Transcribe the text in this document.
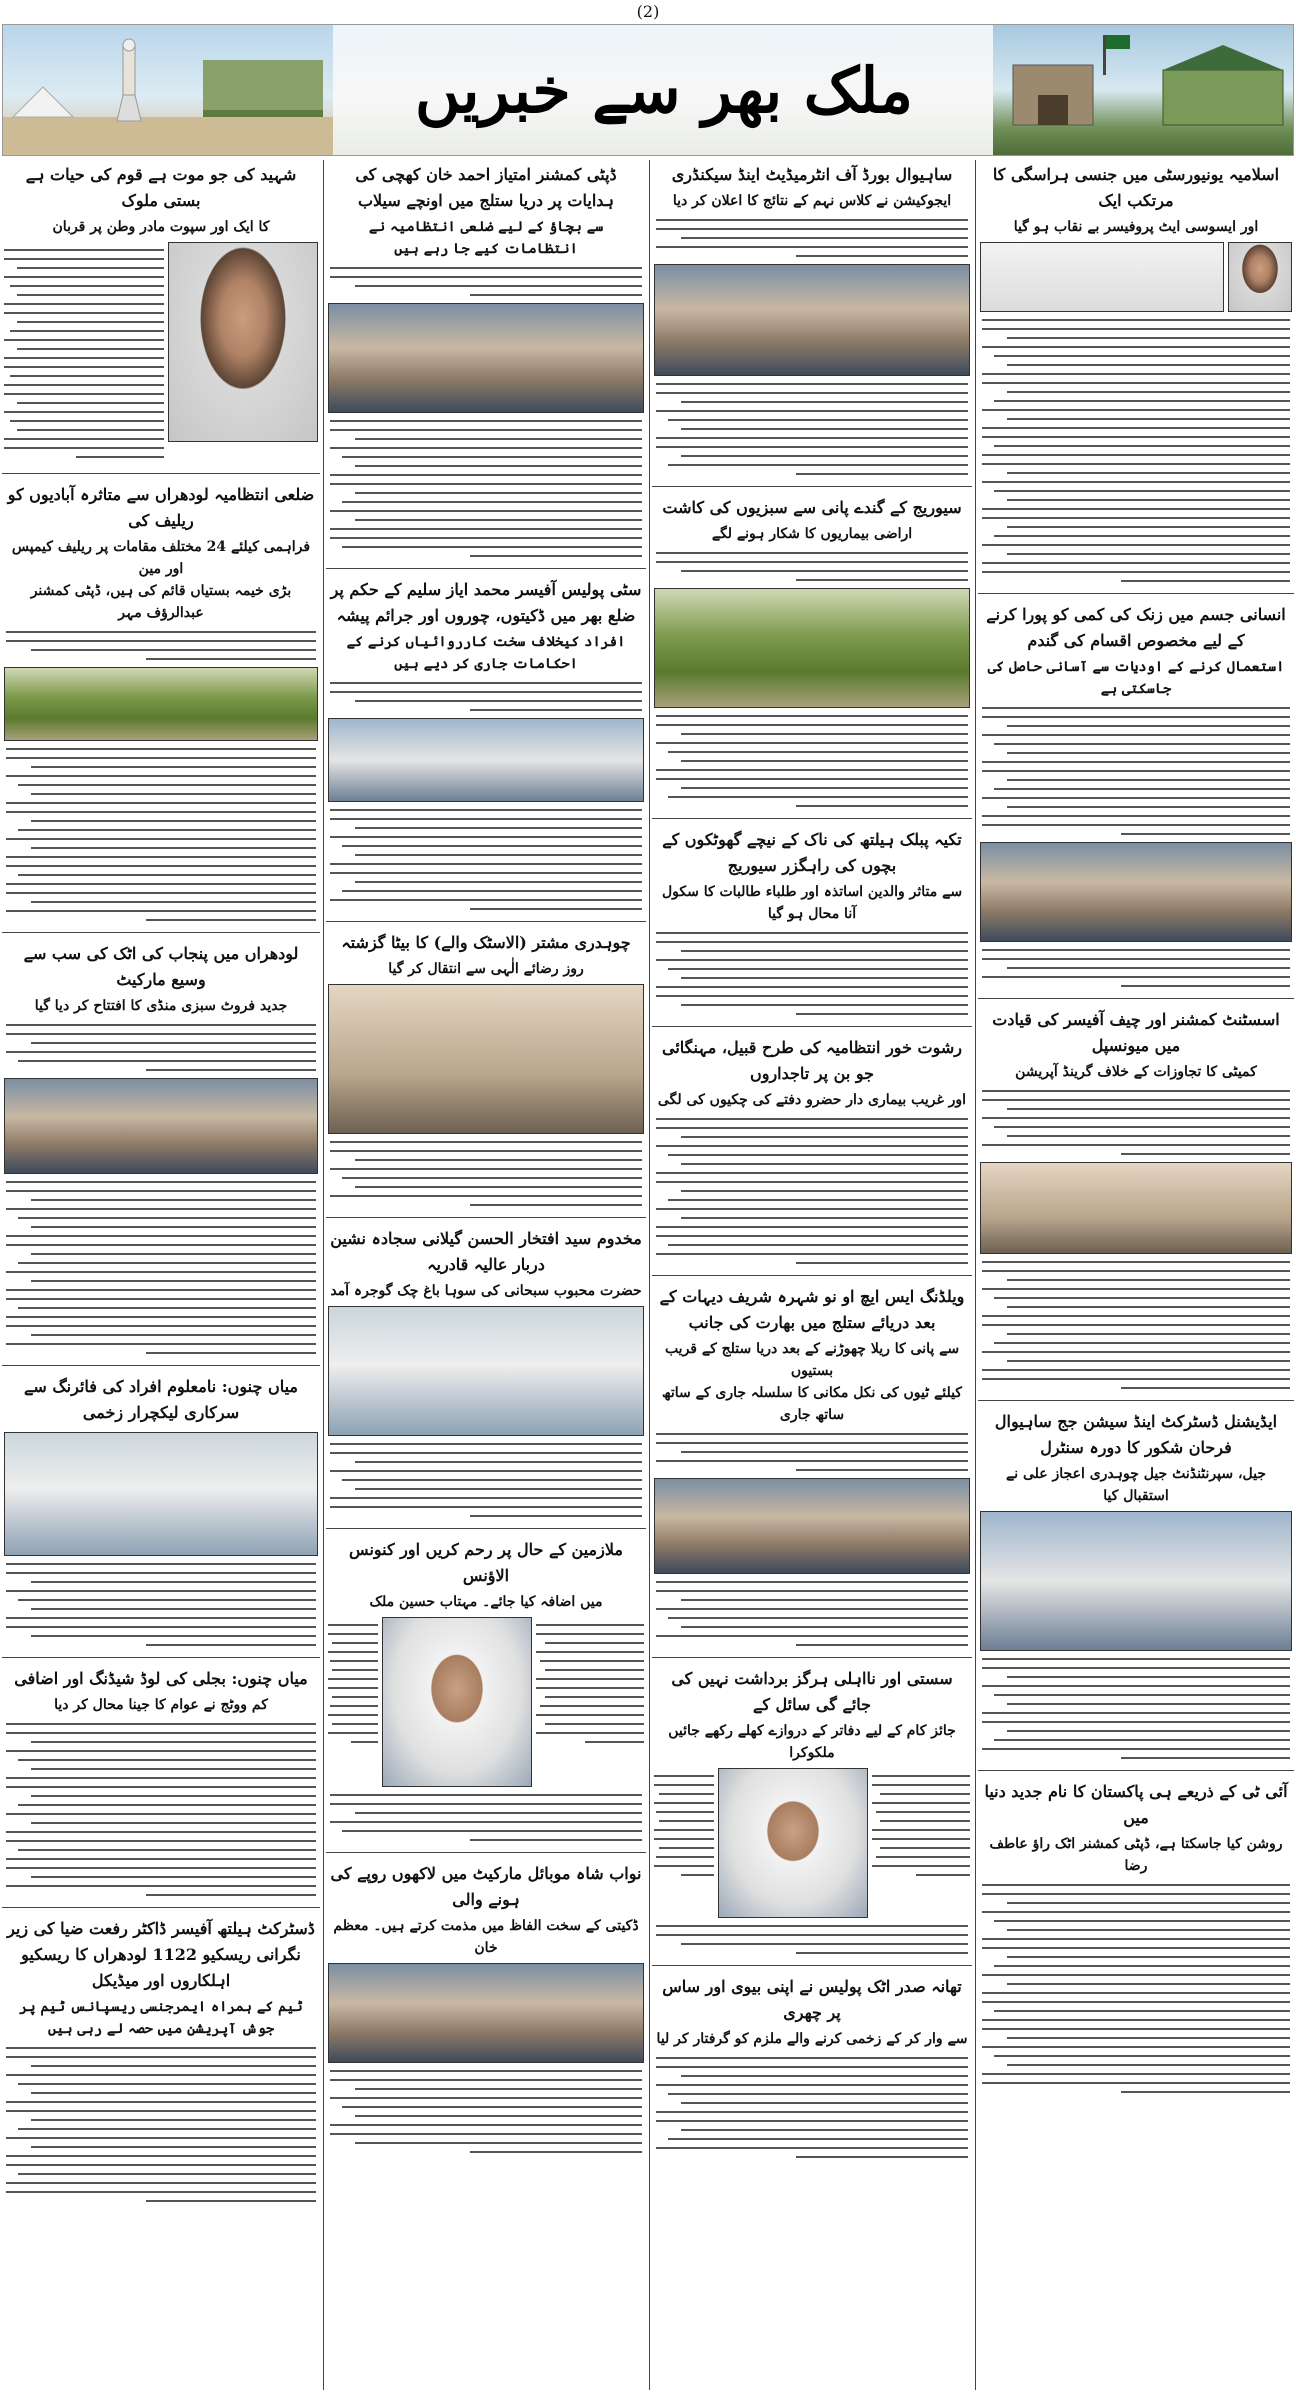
(2)
ملک بھر سے خبریں
اسلامیہ یونیورسٹی میں جنسی ہراسگی کا مرتکب ایک
اور ایسوسی ایٹ پروفیسر بے نقاب ہو گیا
انسانی جسم میں زنک کی کمی کو پورا کرنے کے لیے مخصوص اقسام کی گندم
استعمال کرنے کے اودیات سے آسانی حاصل کی جاسکتی ہے
اسسٹنٹ کمشنر اور چیف آفیسر کی قیادت میں میونسپل
کمیٹی کا تجاوزات کے خلاف گرینڈ آپریشن
ایڈیشنل ڈسٹرکٹ اینڈ سیشن جج ساہیوال فرحان شکور کا دورہ سنٹرل
جیل، سپرنٹنڈنٹ جیل چوہدری اعجاز علی نے استقبال کیا
آئی ٹی کے ذریعے ہی پاکستان کا نام جدید دنیا میں
روشن کیا جاسکتا ہے، ڈپٹی کمشنر اٹک راؤ عاطف رضا
ساہیوال بورڈ آف انٹرمیڈیٹ اینڈ سیکنڈری
ایجوکیشن نے کلاس نہم کے نتائج کا اعلان کر دیا
سیوریج کے گندے پانی سے سبزیوں کی کاشت
اراضی بیماریوں کا شکار ہونے لگے
تکیہ پبلک ہیلتھ کی ناک کے نیچے گھوٹکوں کے بچوں کی راہگزر سیوریج
سے متاثر والدین اساتذہ اور طلباء طالبات کا سکول آنا محال ہو گیا
رشوت خور انتظامیہ کی طرح قبیل، مہنگائی جو بن پر تاجداروں
اور غریب بیماری دار حضرو دفتے کی چکیوں کی لگی
ویلڈنگ ایس ایچ او نو شہرہ شریف دیہات کے بعد دریائے ستلج میں بھارت کی جانب
سے پانی کا ریلا چھوڑنے کے بعد دریا ستلج کے قریب بستیوں
کیلئے ٹیوں کی نکل مکانی کا سلسلہ جاری کے ساتھ ساتھ جاری
سستی اور نااہلی ہرگز برداشت نہیں کی جائے گی سائل کے
جائز کام کے لیے دفاتر کے دروازے کھلے رکھے جائیں ملکوکرا
تھانہ صدر اٹک پولیس نے اپنی بیوی اور ساس پر چھری
سے وار کر کے زخمی کرنے والے ملزم کو گرفتار کر لیا
ڈپٹی کمشنر امتیاز احمد خان کھچی کی ہدایات پر دریا ستلج میں اونچے سیلاب
سے بچاؤ کے لیے ضلعی انتظامیہ نے انتظامات کیے جا رہے ہیں
سٹی پولیس آفیسر محمد ایاز سلیم کے حکم پر ضلع بھر میں ڈکیتوں، چوروں اور جرائم پیشہ
افراد کیخلاف سخت کارروائیاں کرنے کے احکامات جاری کر دیے ہیں
چوہدری مشتر (الاسٹک والے) کا بیٹا گزشتہ
روز رضائے الٰہی سے انتقال کر گیا
مخدوم سید افتخار الحسن گیلانی سجادہ نشین دربار عالیہ قادریہ
حضرت محبوب سبحانی کی سوہا باغ چک گوجرہ آمد
ملازمین کے حال پر رحم کریں اور کنونس الاؤنس
میں اضافہ کیا جائے۔ مہتاب حسین ملک
نواب شاہ موبائل مارکیٹ میں لاکھوں روپے کی ہونے والی
ڈکیتی کے سخت الفاظ میں مذمت کرتے ہیں۔ معظم خان
شہید کی جو موت ہے قوم کی حیات ہے بستی ملوک
کا ایک اور سپوت مادر وطن پر قربان
ضلعی انتظامیہ لودھراں سے متاثرہ آبادیوں کو ریلیف کی
فراہمی کیلئے 24 مختلف مقامات پر ریلیف کیمپس اور مین
بڑی خیمہ بستیاں قائم کی ہیں، ڈپٹی کمشنر عبدالرؤف مہر
لودھراں میں پنجاب کی اٹک کی سب سے وسیع مارکیٹ
جدید فروٹ سبزی منڈی کا افتتاح کر دیا گیا
میاں چنوں: نامعلوم افراد کی فائرنگ سے سرکاری لیکچرار زخمی
میاں چنوں: بجلی کی لوڈ شیڈنگ اور اضافی
کم ووٹج نے عوام کا جینا محال کر دیا
ڈسٹرکٹ ہیلتھ آفیسر ڈاکٹر رفعت ضیا کی زیر نگرانی ریسکیو 1122 لودھراں کا ریسکیو اہلکاروں اور میڈیکل
ٹیم کے ہمراہ ایمرجنسی ریسپانس ٹیم پر جوش آپریشن میں حصہ لے رہی ہیں
